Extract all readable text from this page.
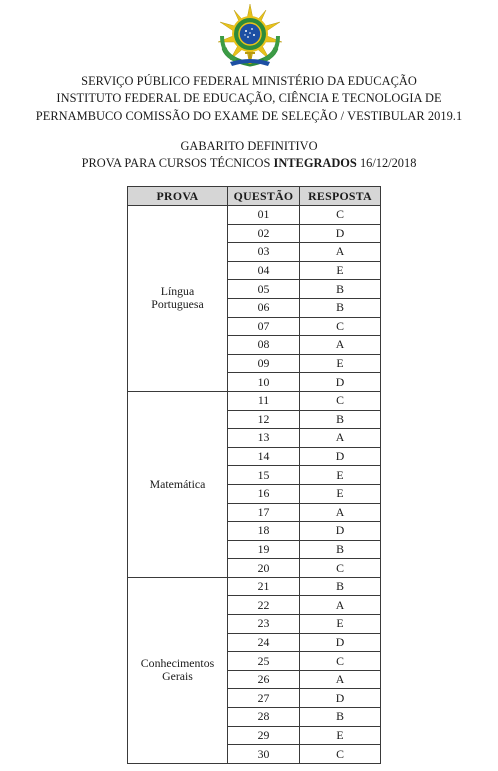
SERVIÇO PÚBLICO FEDERAL MINISTÉRIO DA EDUCAÇÃO
INSTITUTO FEDERAL DE EDUCAÇÃO, CIÊNCIA E TECNOLOGIA DE
PERNAMBUCO COMISSÃO DO EXAME DE SELEÇÃO / VESTIBULAR 2019.1
GABARITO DEFINITIVO
PROVA PARA CURSOS TÉCNICOS INTEGRADOS 16/12/2018
PROVA	QUESTÃO	RESPOSTA

Língua
Portuguesa	01	C
	02	D
	03	A
	04	E
	05	B
	06	B
	07	C
	08	A
	09	E
	10	D

Matemática	11	C
	12	B
	13	A
	14	D
	15	E
	16	E
	17	A
	18	D
	19	B
	20	C

Conhecimentos
Gerais	21	B
	22	A
	23	E
	24	D
	25	C
	26	A
	27	D
	28	B
	29	E
	30	C
